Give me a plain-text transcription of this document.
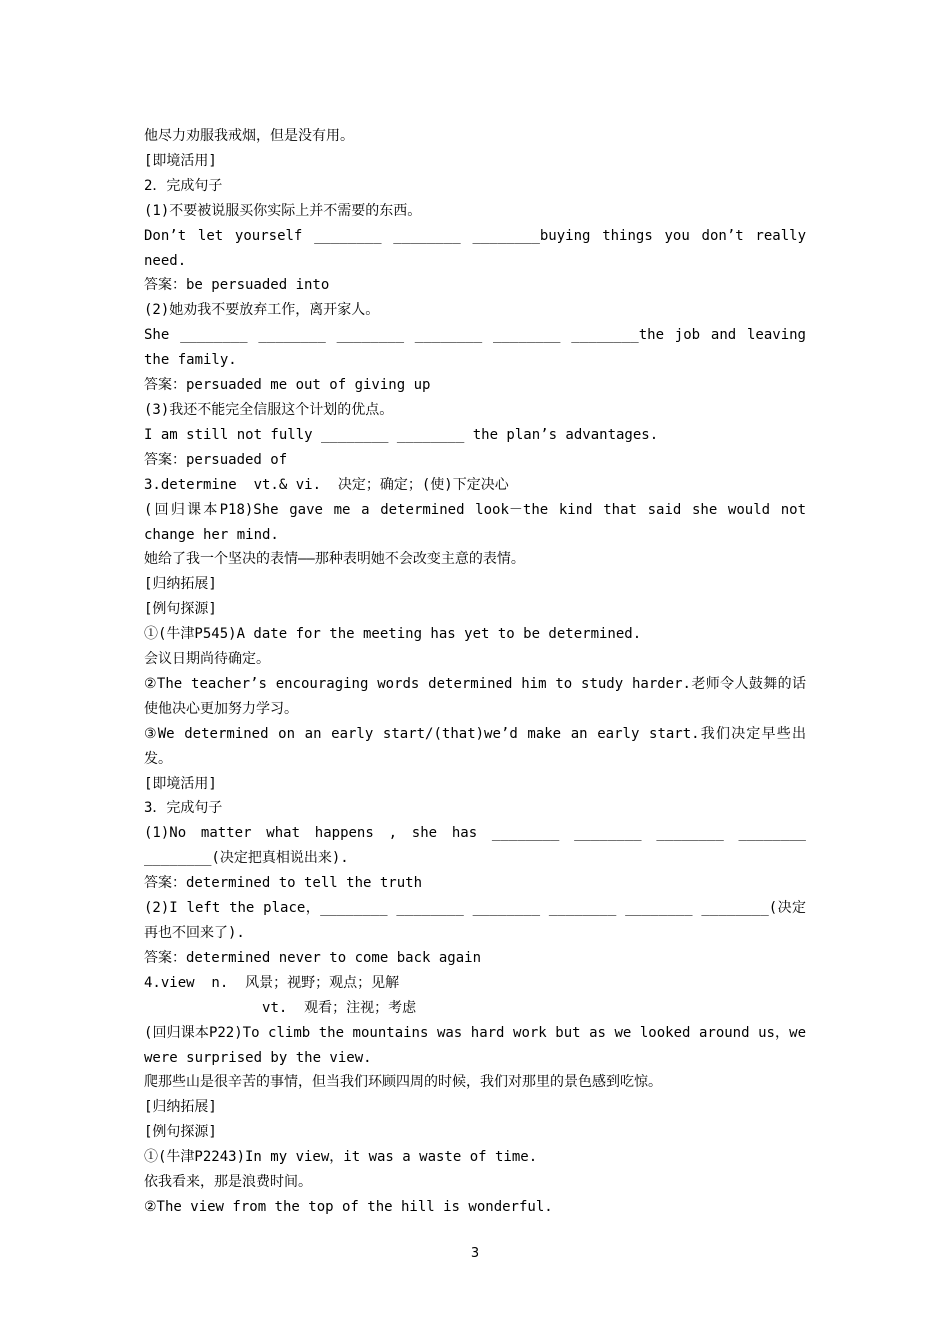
他尽力劝服我戒烟，但是没有用。

[即境活用]

2．完成句子

(1)不要被说服买你实际上并不需要的东西。

Don’t let yourself ________ ________ ________buying things you don’t really need.

答案：be persuaded into

(2)她劝我不要放弃工作，离开家人。

She ________ ________ ________ ________ ________ ________the job and leaving the family.

答案：persuaded me out of giving up

(3)我还不能完全信服这个计划的优点。

I am still not fully ________ ________ the plan’s advantages.

答案：persuaded of

3.determine  vt.& vi.  决定；确定；(使)下定决心

(回归课本P18)She gave me a determined look－the kind that said she would not change her mind.

她给了我一个坚决的表情——那种表明她不会改变主意的表情。

[归纳拓展]

[例句探源]

①(牛津P545)A date for the meeting has yet to be determined.

会议日期尚待确定。

②The teacher’s encouraging words determined him to study harder.老师令人鼓舞的话使他决心更加努力学习。

③We determined on an early start/(that)we’d make an early start.我们决定早些出发。

[即境活用]

3．完成句子

(1)No matter what happens , she has ________ ________ ________ ________ ________(决定把真相说出来).

答案：determined to tell the truth

(2)I left the place，________ ________ ________ ________ ________ ________(决定再也不回来了).

答案：determined never to come back again

4.view  n.  风景；视野；观点；见解

vt.  观看；注视；考虑

(回归课本P22)To climb the mountains was hard work but as we looked around us，we were surprised by the view.

爬那些山是很辛苦的事情，但当我们环顾四周的时候，我们对那里的景色感到吃惊。

[归纳拓展]

[例句探源]

①(牛津P2243)In my view，it was a waste of time.

依我看来，那是浪费时间。

②The view from the top of the hill is wonderful.

3
